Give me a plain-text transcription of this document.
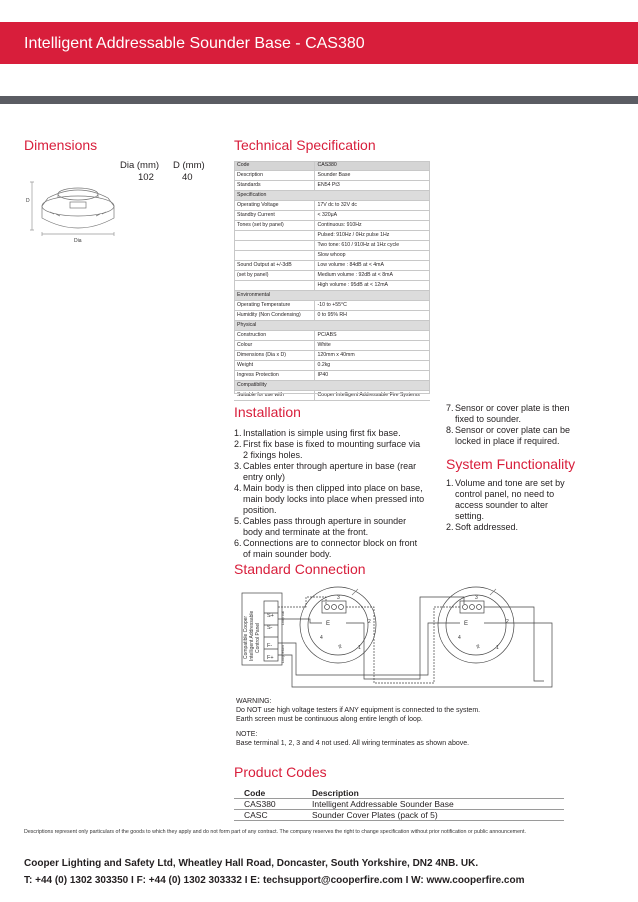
Intelligent Addressable Sounder Base - CAS380
Dimensions
D
Dia
Dia (mm) D (mm)
102	40
Technical Specification
Code	CAS380
Description	Sounder Base
Standards	EN54 Pt3
Specification	
Operating Voltage	17V dc to 32V dc
Standby Current	< 320μA
Tones (set by panel)	Continuous: 910Hz
	Pulsed: 910Hz / 0Hz pulse 1Hz
	Two tone: 610 / 910Hz at 1Hz cycle
	Slow whoop
Sound Output at +/-3dB	Low volume : 84dB at < 4mA
(set by panel)	Medium volume : 92dB at < 8mA
	High volume : 95dB at < 12mA
Environmental	
Operating Temperature	-10 to +55°C
Humidity (Non Condensing)	0 to 95% RH
Physical	
Construction	PC/ABS
Colour	White
Dimensions (Dia x D)	120mm x 40mm
Weight	0.2kg
Ingress Protection	IP40
Compatibility	
Suitable for use with	Cooper Intelligent Addressable Fire Systems
Installation
1. Installation is simple using first fix base.
2. First fix base is fixed to mounting surface via
2 fixings holes.
3. Cables enter through aperture in base (rear
entry only)
4. Main body is then clipped into place on base,
main body locks into place when pressed into
position.
5. Cables pass through aperture in sounder
body and terminate at the front.
6. Connections are to connector block on front
of main sounder body.
7. Sensor or cover plate is then
fixed to sounder.
8. Sensor or cover plate can be
locked in place if required.
System Functionality
1. Volume and tone are set by
control panel, no need to
access sounder to alter
setting.
2. Soft addressed.
Standard Connection
Compatible Cooper Intelligent Addressable Control Panel
Loop out
Loop return
S+
S-
F-
F+
3
2
4
1
E
IN
3
2
4
1
E
IN
WARNING:
Do NOT use high voltage testers if ANY equipment is connected to the system.
Earth screen must be continuous along entire length of loop.
NOTE:
Base terminal 1, 2, 3 and 4 not used. All wiring terminates as shown above.
Product Codes
Code	Description
CAS380	Intelligent Addressable Sounder Base
CASC	Sounder Cover Plates (pack of 5)
Descriptions represent only particulars of the goods to which they apply and do not form part of any contract. The company reserves the right to change specification without prior notification or public announcement.
Cooper Lighting and Safety Ltd, Wheatley Hall Road, Doncaster, South Yorkshire, DN2 4NB. UK.
T: +44 (0) 1302 303350 I F: +44 (0) 1302 303332 I E: techsupport@cooperfire.com I W: www.cooperfire.com
